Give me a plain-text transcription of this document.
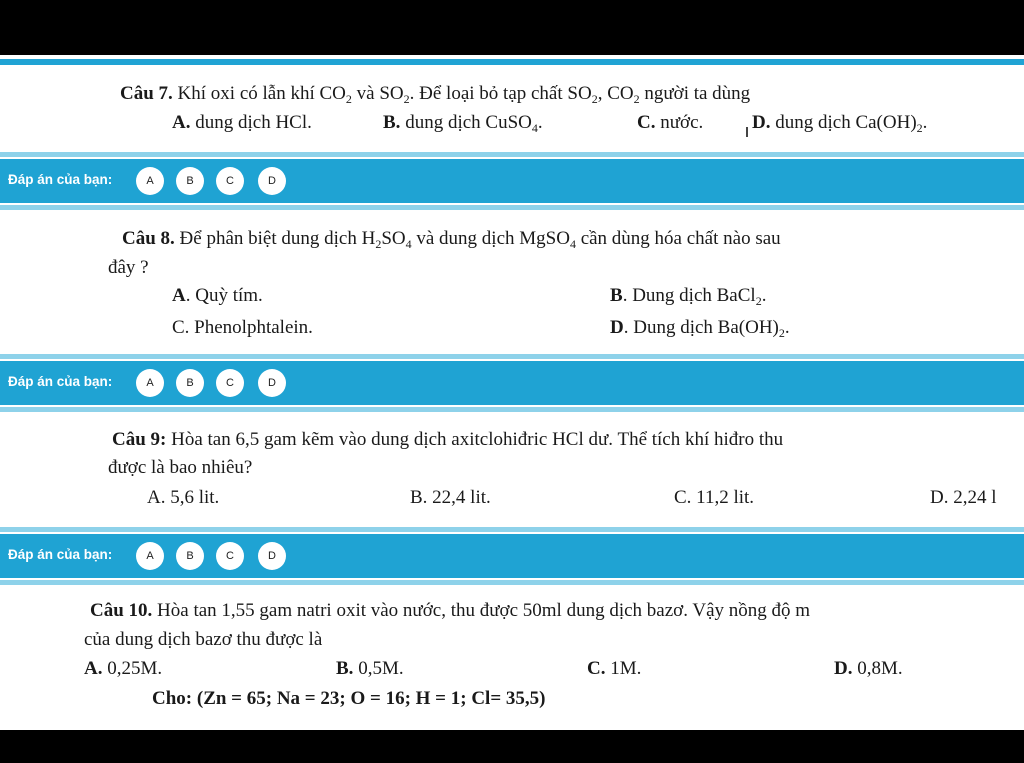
Câu 7. Khí oxi có lẫn khí $CO_2$ và $SO_2$. Để loại bỏ tạp chất $SO_2$, $CO_2$ người ta dùng
A. dung dịch HCl.	B. dung dịch CuSO$_4$.	C. nước.	D. dung dịch $Ca(OH)_2$.
Đáp án của bạn:	A	B	C	D
Câu 8. Để phân biệt dung dịch $H_2SO_4$ và dung dịch MgSO$_4$ cần dùng hóa chất nào sau
đây ?
A. Quỳ tím.	B. Dung dịch BaCl$_2$.
C. Phenolphtalein.	D. Dung dịch $Ba(OH)_2$.
Đáp án của bạn:	A	B	C	D
Câu 9: Hòa tan 6,5 gam kẽm vào dung dịch axitclohiđric HCl dư. Thể tích khí hiđro thu
được là bao nhiêu?
A. 5,6 lit.	B. 22,4 lit.	C. 11,2 lit.	D. 2,24 l
Đáp án của bạn:	A	B	C	D
Câu 10. Hòa tan 1,55 gam natri oxit vào nước, thu được 50ml dung dịch bazơ. Vậy nồng độ m
của dung dịch bazơ thu được là
A. 0,25M.	B. 0,5M.	C. 1M.	D. 0,8M.
Cho: (Zn = 65; Na = 23; O = 16; H = 1; Cl= 35,5)
